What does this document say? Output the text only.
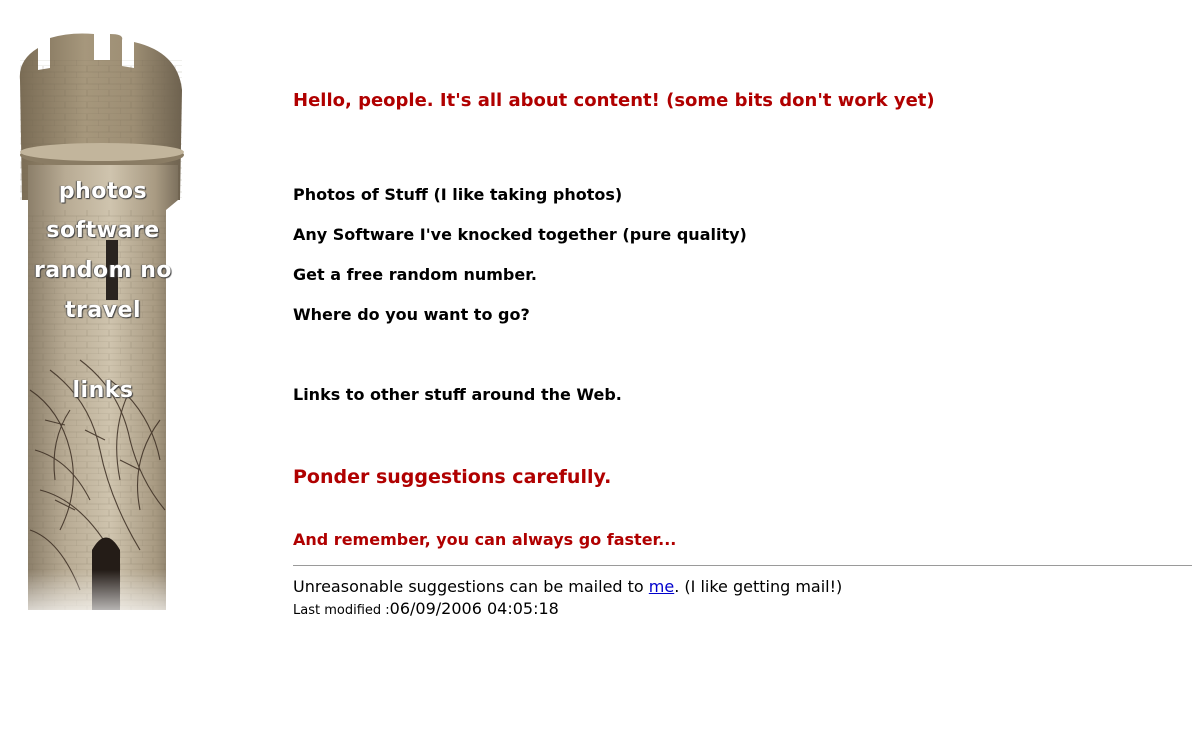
photos
software
random no
travel
links
Hello, people. It's all about content! (some bits don't work yet)
Photos of Stuff (I like taking photos)
Any Software I've knocked together (pure quality)
Get a free random number.
Where do you want to go?
Links to other stuff around the Web.
Ponder suggestions carefully.
And remember, you can always go faster...
Unreasonable suggestions can be mailed to me. (I like getting mail!)
Last modified :06/09/2006 04:05:18
